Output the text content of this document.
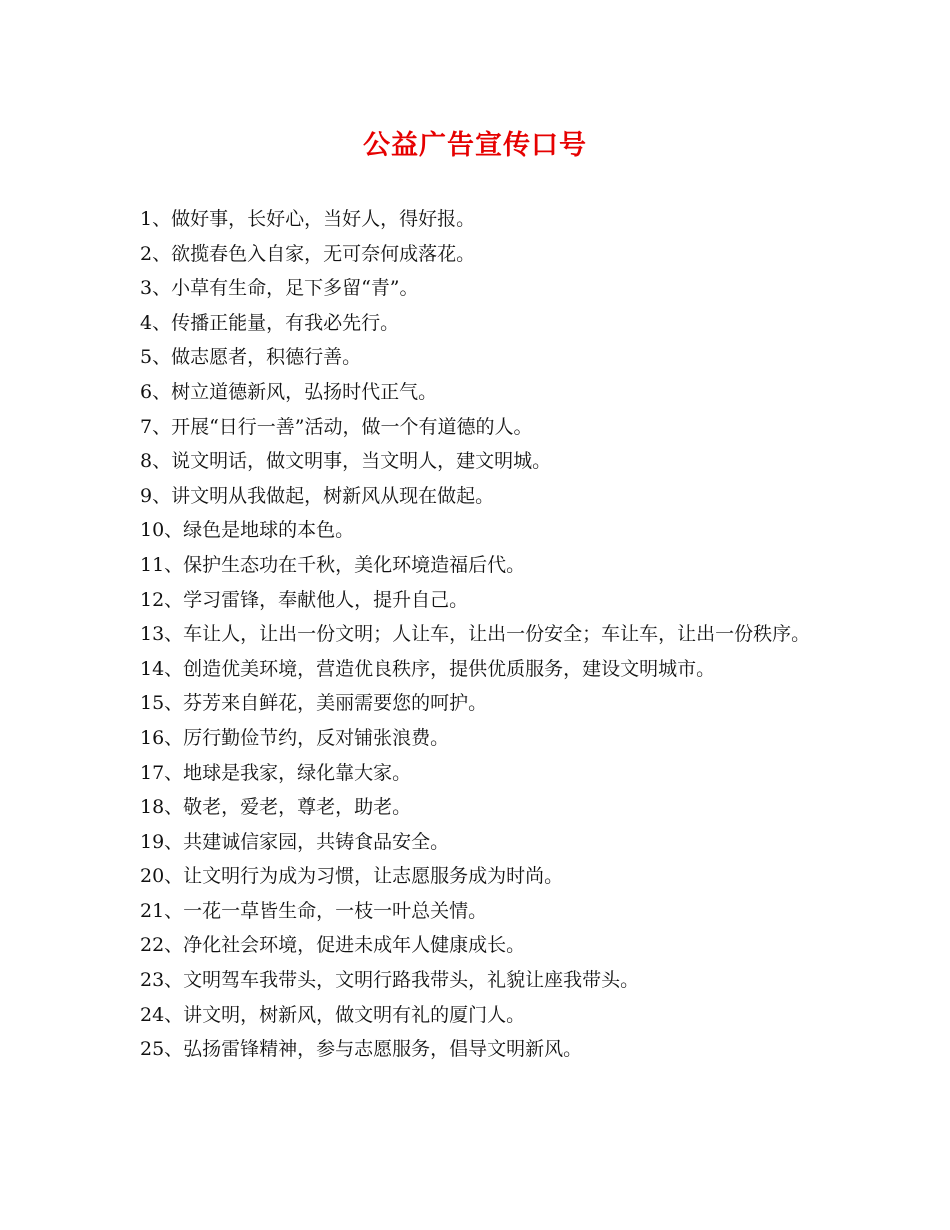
公益广告宣传口号
1、做好事，长好心，当好人，得好报。
2、欲揽春色入自家，无可奈何成落花。
3、小草有生命，足下多留“青”。
4、传播正能量，有我必先行。
5、做志愿者，积德行善。
6、树立道德新风，弘扬时代正气。
7、开展“日行一善”活动，做一个有道德的人。
8、说文明话，做文明事，当文明人，建文明城。
9、讲文明从我做起，树新风从现在做起。
10、绿色是地球的本色。
11、保护生态功在千秋，美化环境造福后代。
12、学习雷锋，奉献他人，提升自己。
13、车让人，让出一份文明；人让车，让出一份安全；车让车，让出一份秩序。
14、创造优美环境，营造优良秩序，提供优质服务，建设文明城市。
15、芬芳来自鲜花，美丽需要您的呵护。
16、厉行勤俭节约，反对铺张浪费。
17、地球是我家，绿化靠大家。
18、敬老，爱老，尊老，助老。
19、共建诚信家园，共铸食品安全。
20、让文明行为成为习惯，让志愿服务成为时尚。
21、一花一草皆生命，一枝一叶总关情。
22、净化社会环境，促进未成年人健康成长。
23、文明驾车我带头，文明行路我带头，礼貌让座我带头。
24、讲文明，树新风，做文明有礼的厦门人。
25、弘扬雷锋精神，参与志愿服务，倡导文明新风。
